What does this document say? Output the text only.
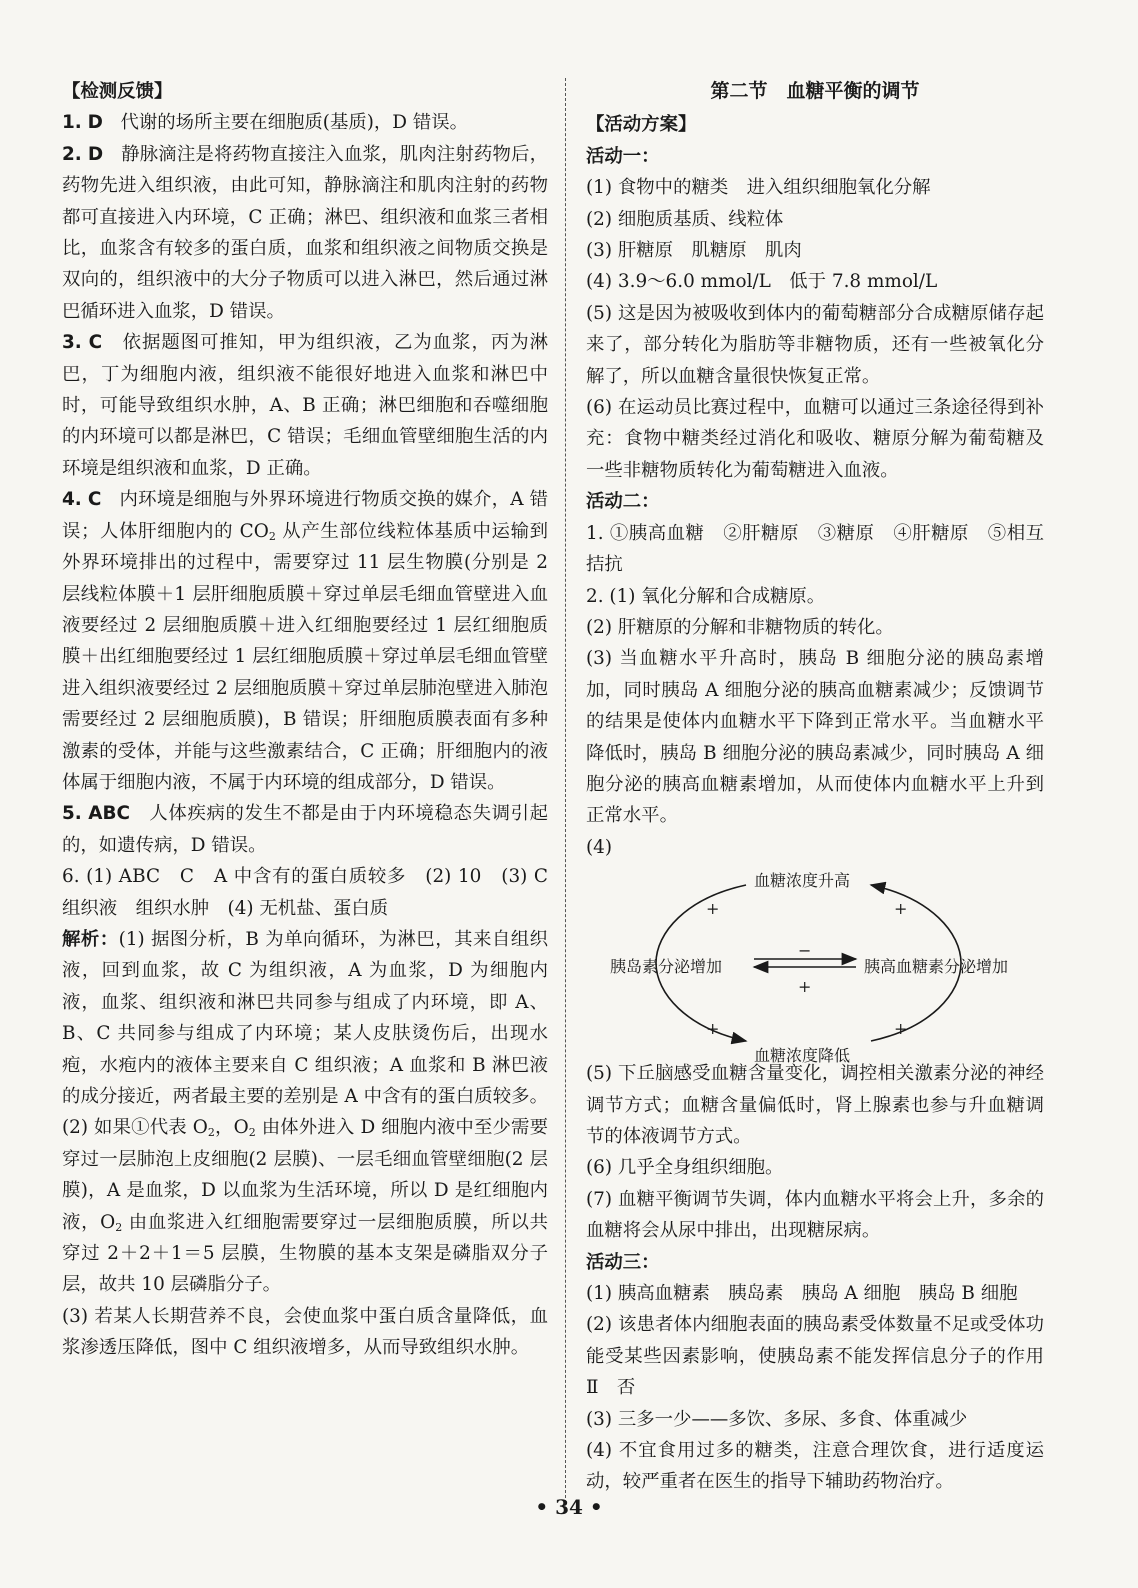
【检测反馈】

1. D 代谢的场所主要在细胞质(基质)，D 错误。

2. D 静脉滴注是将药物直接注入血浆，肌肉注射药物后，药物先进入组织液，由此可知，静脉滴注和肌肉注射的药物都可直接进入内环境，C 正确；淋巴、组织液和血浆三者相比，血浆含有较多的蛋白质，血浆和组织液之间物质交换是双向的，组织液中的大分子物质可以进入淋巴，然后通过淋巴循环进入血浆，D 错误。

3. C 依据题图可推知，甲为组织液，乙为血浆，丙为淋巴，丁为细胞内液，组织液不能很好地进入血浆和淋巴中时，可能导致组织水肿，A、B 正确；淋巴细胞和吞噬细胞的内环境可以都是淋巴，C 错误；毛细血管壁细胞生活的内环境是组织液和血浆，D 正确。

4. C 内环境是细胞与外界环境进行物质交换的媒介，A 错误；人体肝细胞内的 $CO_2$ 从产生部位线粒体基质中运输到外界环境排出的过程中，需要穿过 11 层生物膜(分别是 2 层线粒体膜＋1 层肝细胞质膜＋穿过单层毛细血管壁进入血液要经过 2 层细胞质膜＋进入红细胞要经过 1 层红细胞质膜＋出红细胞要经过 1 层红细胞质膜＋穿过单层毛细血管壁进入组织液要经过 2 层细胞质膜＋穿过单层肺泡壁进入肺泡需要经过 2 层细胞质膜)，B 错误；肝细胞质膜表面有多种激素的受体，并能与这些激素结合，C 正确；肝细胞内的液体属于细胞内液，不属于内环境的组成部分，D 错误。

5. ABC 人体疾病的发生不都是由于内环境稳态失调引起的，如遗传病，D 错误。

6. (1) ABC　C　A 中含有的蛋白质较多　(2) 10　(3) C　组织液　组织水肿　(4) 无机盐、蛋白质

解析：(1) 据图分析，B 为单向循环，为淋巴，其来自组织液，回到血浆，故 C 为组织液，A 为血浆，D 为细胞内液，血浆、组织液和淋巴共同参与组成了内环境，即 A、B、C 共同参与组成了内环境；某人皮肤烫伤后，出现水疱，水疱内的液体主要来自 C 组织液；A 血浆和 B 淋巴液的成分接近，两者最主要的差别是 A 中含有的蛋白质较多。(2) 如果①代表 $O_2$，$O_2$ 由体外进入 D 细胞内液中至少需要穿过一层肺泡上皮细胞(2 层膜)、一层毛细血管壁细胞(2 层膜)，A 是血浆，D 以血浆为生活环境，所以 D 是红细胞内液，$O_2$ 由血浆进入红细胞需要穿过一层细胞质膜，所以共穿过 2＋2＋1＝5 层膜，生物膜的基本支架是磷脂双分子层，故共 10 层磷脂分子。

(3) 若某人长期营养不良，会使血浆中蛋白质含量降低，血浆渗透压降低，图中 C 组织液增多，从而导致组织水肿。

第二节　血糖平衡的调节

【活动方案】

活动一：

(1) 食物中的糖类　进入组织细胞氧化分解

(2) 细胞质基质、线粒体

(3) 肝糖原　肌糖原　肌肉

(4) 3.9～6.0 mmol/L　低于 7.8 mmol/L

(5) 这是因为被吸收到体内的葡萄糖部分合成糖原储存起来了，部分转化为脂肪等非糖物质，还有一些被氧化分解了，所以血糖含量很快恢复正常。

(6) 在运动员比赛过程中，血糖可以通过三条途径得到补充：食物中糖类经过消化和吸收、糖原分解为葡萄糖及一些非糖物质转化为葡萄糖进入血液。

活动二：

1. ①胰高血糖　②肝糖原　③糖原　④肝糖原　⑤相互拮抗

2. (1) 氧化分解和合成糖原。

(2) 肝糖原的分解和非糖物质的转化。

(3) 当血糖水平升高时，胰岛 B 细胞分泌的胰岛素增加，同时胰岛 A 细胞分泌的胰高血糖素减少；反馈调节的结果是使体内血糖水平下降到正常水平。当血糖水平降低时，胰岛 B 细胞分泌的胰岛素减少，同时胰岛 A 细胞分泌的胰高血糖素增加，从而使体内血糖水平上升到正常水平。

(4)

血糖浓度升高
胰岛素分泌增加	胰高血糖素分泌增加
血糖浓度降低
+	+
+	+
−
+

(5) 下丘脑感受血糖含量变化，调控相关激素分泌的神经调节方式；血糖含量偏低时，肾上腺素也参与升血糖调节的体液调节方式。

(6) 几乎全身组织细胞。

(7) 血糖平衡调节失调，体内血糖水平将会上升，多余的血糖将会从尿中排出，出现糖尿病。

活动三：

(1) 胰高血糖素　胰岛素　胰岛 A 细胞　胰岛 B 细胞

(2) 该患者体内细胞表面的胰岛素受体数量不足或受体功能受某些因素影响，使胰岛素不能发挥信息分子的作用　Ⅱ　否

(3) 三多一少——多饮、多尿、多食、体重减少

(4) 不宜食用过多的糖类，注意合理饮食，进行适度运动，较严重者在医生的指导下辅助药物治疗。

• 34 •
